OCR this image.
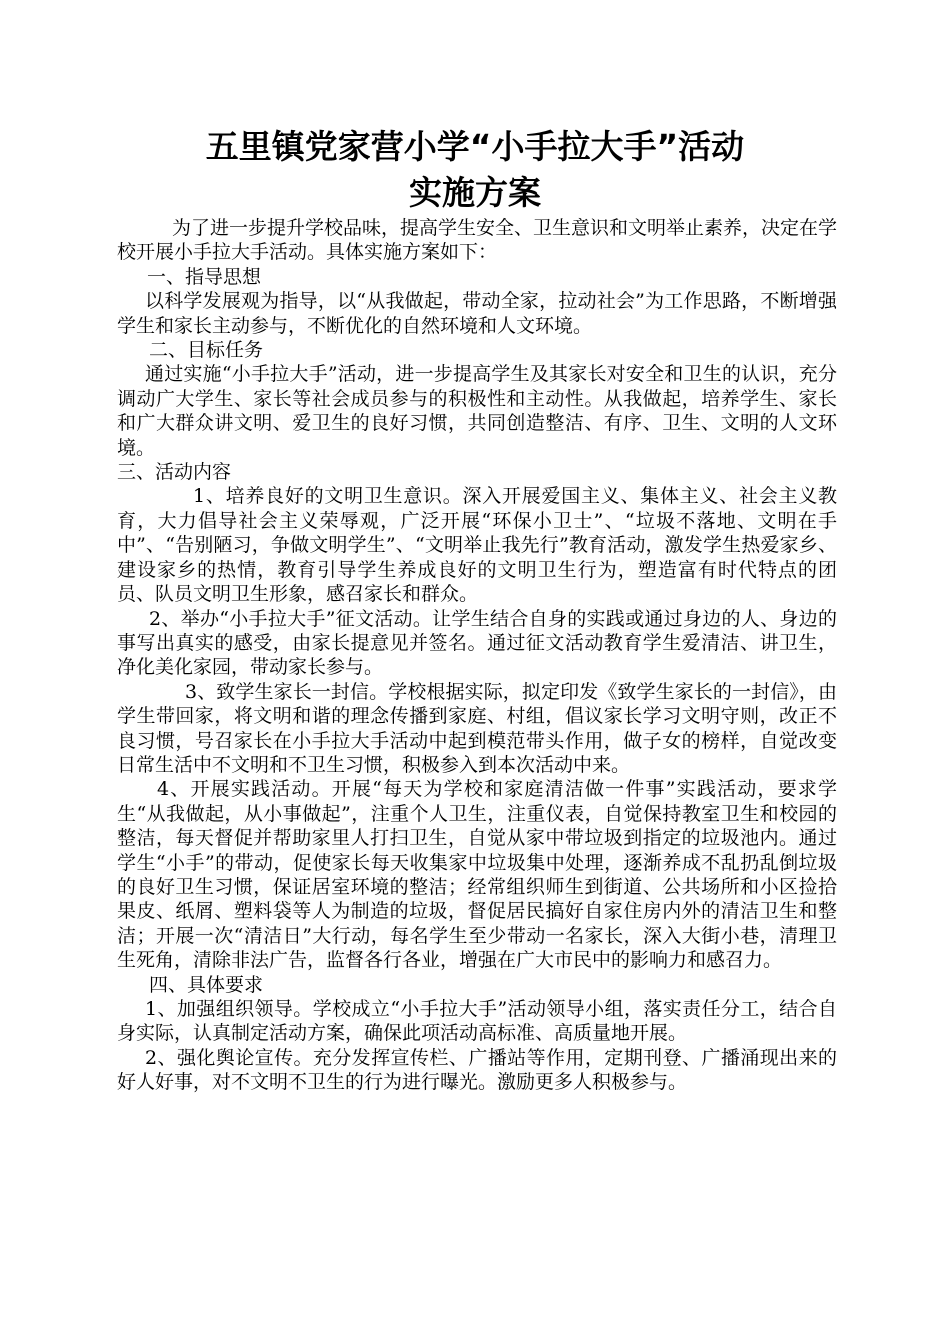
五里镇党家营小学“小手拉大手”活动
实施方案

为了进一步提升学校品味，提高学生安全、卫生意识和文明举止素养，决定在学校开展小手拉大手活动。具体实施方案如下：

一、指导思想

以科学发展观为指导，以“从我做起，带动全家，拉动社会”为工作思路，不断增强学生和家长主动参与，不断优化的自然环境和人文环境。

二、目标任务

通过实施“小手拉大手”活动，进一步提高学生及其家长对安全和卫生的认识，充分调动广大学生、家长等社会成员参与的积极性和主动性。从我做起，培养学生、家长和广大群众讲文明、爱卫生的良好习惯，共同创造整洁、有序、卫生、文明的人文环境。

三、活动内容

1、培养良好的文明卫生意识。深入开展爱国主义、集体主义、社会主义教育，大力倡导社会主义荣辱观，广泛开展“环保小卫士”、“垃圾不落地、文明在手中”、“告别陋习，争做文明学生”、“文明举止我先行”教育活动，激发学生热爱家乡、建设家乡的热情，教育引导学生养成良好的文明卫生行为，塑造富有时代特点的团员、队员文明卫生形象，感召家长和群众。

2、举办“小手拉大手”征文活动。让学生结合自身的实践或通过身边的人、身边的事写出真实的感受，由家长提意见并签名。通过征文活动教育学生爱清洁、讲卫生，净化美化家园，带动家长参与。

3、致学生家长一封信。学校根据实际，拟定印发《致学生家长的一封信》，由学生带回家，将文明和谐的理念传播到家庭、村组，倡议家长学习文明守则，改正不良习惯，号召家长在小手拉大手活动中起到模范带头作用，做子女的榜样，自觉改变日常生活中不文明和不卫生习惯，积极参入到本次活动中来。

4、开展实践活动。开展“每天为学校和家庭清洁做一件事”实践活动，要求学生“从我做起，从小事做起”，注重个人卫生，注重仪表，自觉保持教室卫生和校园的整洁，每天督促并帮助家里人打扫卫生，自觉从家中带垃圾到指定的垃圾池内。通过学生“小手”的带动，促使家长每天收集家中垃圾集中处理，逐渐养成不乱扔乱倒垃圾的良好卫生习惯，保证居室环境的整洁；经常组织师生到街道、公共场所和小区捡拾果皮、纸屑、塑料袋等人为制造的垃圾，督促居民搞好自家住房内外的清洁卫生和整洁；开展一次“清洁日”大行动，每名学生至少带动一名家长，深入大街小巷，清理卫生死角，清除非法广告，监督各行各业，增强在广大市民中的影响力和感召力。

四、具体要求

1、加强组织领导。学校成立“小手拉大手”活动领导小组，落实责任分工，结合自身实际，认真制定活动方案，确保此项活动高标准、高质量地开展。

2、强化舆论宣传。充分发挥宣传栏、广播站等作用，定期刊登、广播涌现出来的好人好事，对不文明不卫生的行为进行曝光。激励更多人积极参与。
